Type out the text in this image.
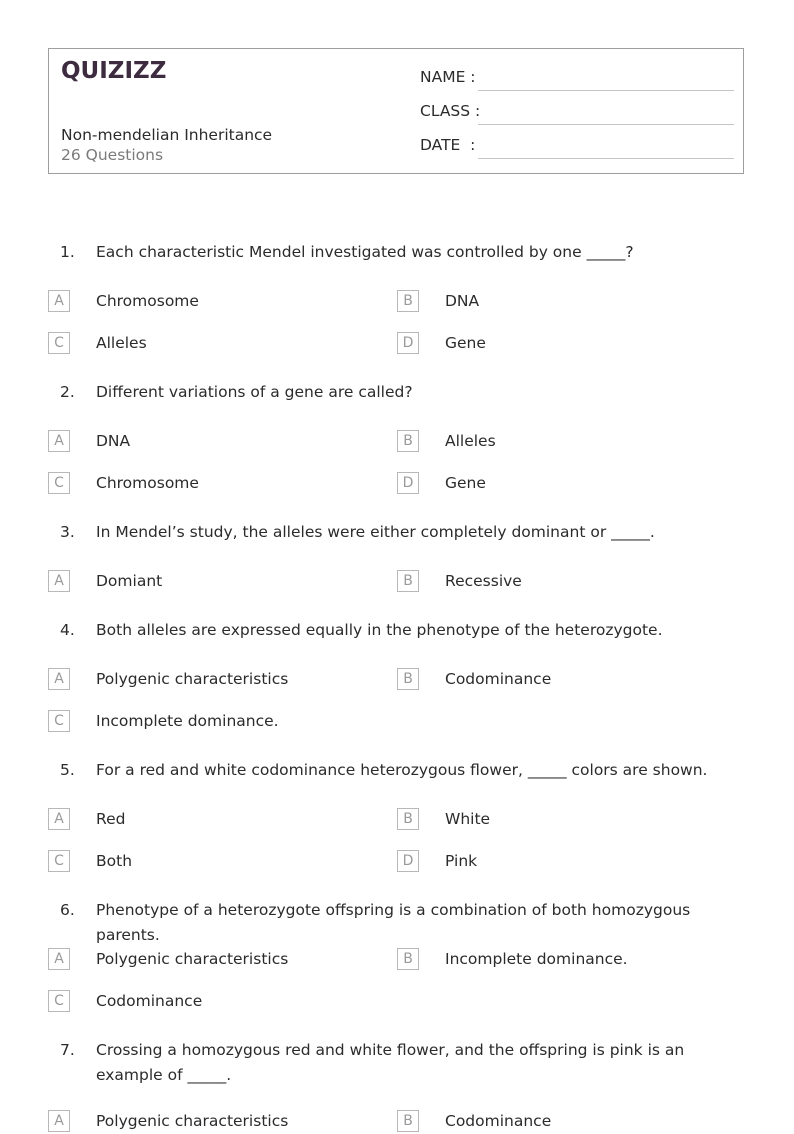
QUIZIZZ
Non-mendelian Inheritance
26 Questions
NAME :
CLASS :
DATE  :
1. Each characteristic Mendel investigated was controlled by one _____?
A	Chromosome	B	DNA
C	Alleles	D	Gene
2. Different variations of a gene are called?
A	DNA	B	Alleles
C	Chromosome	D	Gene
3. In Mendel’s study, the alleles were either completely dominant or _____.
A	Domiant	B	Recessive
4. Both alleles are expressed equally in the phenotype of the heterozygote.
A	Polygenic characteristics	B	Codominance
C	Incomplete dominance.
5. For a red and white codominance heterozygous flower, _____ colors are shown.
A	Red	B	White
C	Both	D	Pink
6. Phenotype of a heterozygote offspring is a combination of both homozygous parents.
A	Polygenic characteristics	B	Incomplete dominance.
C	Codominance
7. Crossing a homozygous red and white flower, and the offspring is pink is an example of _____.
A	Polygenic characteristics	B	Codominance
